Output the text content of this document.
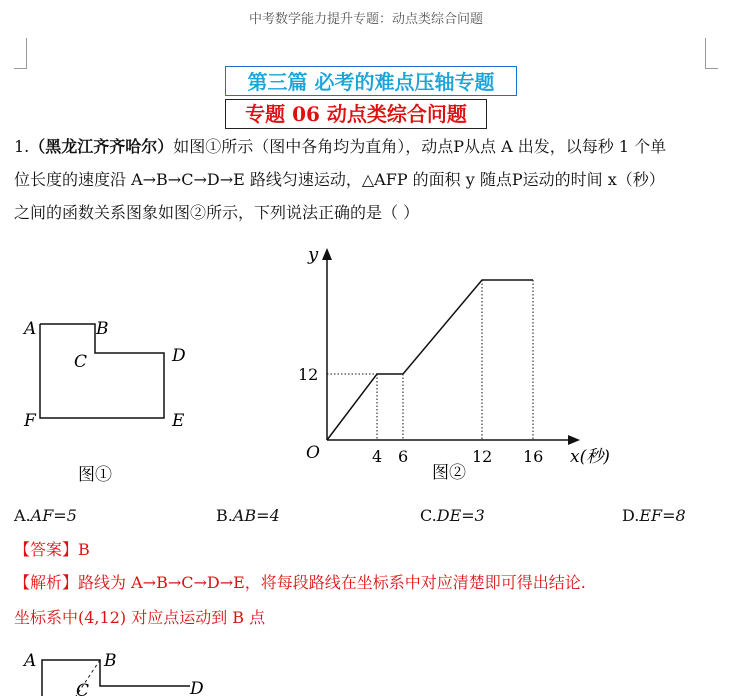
中考数学能力提升专题：动点类综合问题
第三篇 必考的难点压轴专题
专题 06 动点类综合问题
1.（黑龙江齐齐哈尔）如图①所示（图中各角均为直角），动点P从点 A 出发，以每秒 1 个单
位长度的速度沿 A→B→C→D→E 路线匀速运动，△AFP 的面积 y 随点P运动的时间 x（秒）
之间的函数关系图象如图②所示，下列说法正确的是（ ）
A	B
C	D
E
F
图①
y
O
12
4 6	12 16 x(秒)
图②
A.AF=5	B.AB=4	C.DE=3	D.EF=8
【答案】B
【解析】路线为 A→B→C→D→E，将每段路线在坐标系中对应清楚即可得出结论.
坐标系中(4,12) 对应点运动到 B 点
A	B
C	D
